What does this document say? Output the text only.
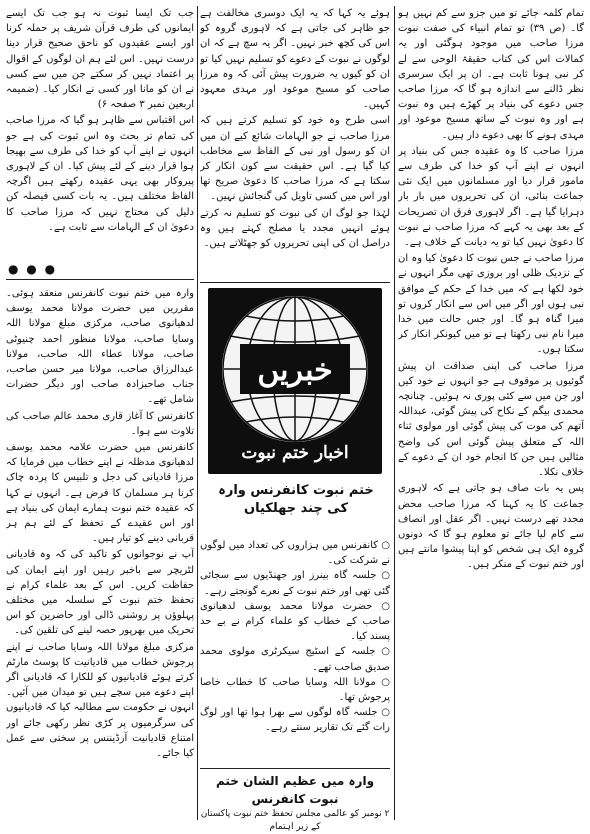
تمام کلمہ جائے تو میں جزو سے کم نہیں ہو گا۔ (ص ۳۹) تو تمام انبیاء کی صفت نبوت مرزا صاحب میں موجود ہوگئی اور یہ کمالات اس کی کتاب حقیقۃ الوحی سے لے کر نبی ہونا ثابت ہے۔ ان پر ایک سرسری نظر ڈالنے سے اندازہ ہو گا کہ مرزا صاحب جس دعوے کی بنیاد پر کھڑے ہیں وہ نبوت ہے اور وہ نبوت کے ساتھ مسیح موعود اور مہدی ہونے کا بھی دعوے دار ہیں۔

مرزا صاحب کا وہ عقیدہ جس کی بنیاد پر انہوں نے اپنے آپ کو خدا کی طرف سے مامور قرار دیا اور مسلمانوں میں ایک نئی جماعت بنائی، ان کی تحریروں میں بار بار دہرایا گیا ہے۔ اگر لاہوری فرق ان تصریحات کے بعد بھی یہ کہے کہ مرزا صاحب نے نبوت کا دعویٰ نہیں کیا تو یہ دیانت کے خلاف ہے۔

مرزا صاحب نے جس نبوت کا دعویٰ کیا وہ ان کے نزدیک ظلی اور بروزی تھی مگر انہوں نے خود لکھا ہے کہ میں خدا کے حکم کے موافق نبی ہوں اور اگر میں اس سے انکار کروں تو میرا گناہ ہو گا۔ اور جس حالت میں خدا میرا نام نبی رکھتا ہے تو میں کیونکر انکار کر سکتا ہوں۔

مرزا صاحب کی اپنی صداقت ان پیش گوئیوں پر موقوف ہے جو انہوں نے خود کیں اور جن میں سے کئی پوری نہ ہوئیں۔ چنانچہ محمدی بیگم کے نکاح کی پیش گوئی، عبداللہ آتھم کی موت کی پیش گوئی اور مولوی ثناء اللہ کے متعلق پیش گوئی اس کی واضح مثالیں ہیں جن کا انجام خود ان کے دعوے کے خلاف نکلا۔

پس یہ بات صاف ہو جاتی ہے کہ لاہوری جماعت کا یہ کہنا کہ مرزا صاحب محض مجدد تھے درست نہیں۔ اگر عقل اور انصاف سے کام لیا جائے تو معلوم ہو گا کہ دونوں گروہ ایک ہی شخص کو اپنا پیشوا مانتے ہیں اور ختم نبوت کے منکر ہیں۔

ہوئے یہ کہا کہ یہ ایک دوسری مخالفت ہے جو ظاہر کی جاتی ہے کہ لاہوری گروہ کو اس کی کچھ خبر نہیں۔ اگر یہ سچ ہے کہ ان لوگوں نے نبوت کے دعوے کو تسلیم نہیں کیا تو ان کو کیوں یہ ضرورت پیش آئی کہ وہ مرزا صاحب کو مسیح موعود اور مہدی معہود کہیں۔

اسی طرح وہ خود کو تسلیم کرتے ہیں کہ مرزا صاحب نے جو الہامات شائع کیے ان میں ان کو رسول اور نبی کے الفاظ سے مخاطب کیا گیا ہے۔ اس حقیقت سے کون انکار کر سکتا ہے کہ مرزا صاحب کا دعویٰ صریح تھا اور اس میں کسی تاویل کی گنجائش نہیں۔

لہٰذا جو لوگ ان کی نبوت کو تسلیم نہ کرتے ہوئے انہیں مجدد یا مصلح کہتے ہیں وہ دراصل ان کی اپنی تحریروں کو جھٹلاتے ہیں۔

جب تک ایسا ثبوت نہ ہو جب تک ایسے ایمانوں کی طرف قرآن شریف پر حملہ کرنا اور ایسے عقیدوں کو ناحق صحیح قرار دینا درست نہیں۔ اس لئے ہم ان لوگوں کے اقوال پر اعتماد نہیں کر سکتے جن میں سے کسی نے ان کو مانا اور کسی نے انکار کیا۔ (ضمیمہ اربعین نمبر ۳ صفحہ ۶)

اس اقتباس سے ظاہر ہو گیا کہ مرزا صاحب کی تمام تر بحث وہ اس ثبوت کی ہے جو انہوں نے اپنے آپ کو خدا کی طرف سے بھیجا ہوا قرار دینے کے لئے پیش کیا۔ ان کے لاہوری پیروکار بھی یہی عقیدہ رکھتے ہیں اگرچہ الفاظ مختلف ہیں۔ یہ بات کسی فیصلہ کن دلیل کی محتاج نہیں کہ مرزا صاحب کا دعویٰ ان کے الہامات سے ثابت ہے۔

● ● ●

وارہ میں ختم نبوت کانفرنس منعقد ہوئی۔ مقررین میں حضرت مولانا محمد یوسف لدھیانوی صاحب، مرکزی مبلغ مولانا اللہ وسایا صاحب، مولانا منظور احمد چنیوٹی صاحب، مولانا عطاء اللہ صاحب، مولانا عبدالرزاق صاحب، مولانا میر حسن صاحب، جناب صاحبزادہ صاحب اور دیگر حضرات شامل تھے۔

کانفرنس کا آغاز قاری محمد عالم صاحب کی تلاوت سے ہوا۔

کانفرنس میں حضرت علامہ محمد یوسف لدھیانوی مدظلہ نے اپنے خطاب میں فرمایا کہ مرزا قادیانی کی دجل و تلبیس کا پردہ چاک کرنا ہر مسلمان کا فرض ہے۔ انہوں نے کہا کہ عقیدہ ختم نبوت ہمارے ایمان کی بنیاد ہے اور اس عقیدے کے تحفظ کے لئے ہم ہر قربانی دینے کو تیار ہیں۔

آپ نے نوجوانوں کو تاکید کی کہ وہ قادیانی لٹریچر سے باخبر رہیں اور اپنے ایمان کی حفاظت کریں۔ اس کے بعد علماء کرام نے تحفظ ختم نبوت کے سلسلہ میں مختلف پہلوؤں پر روشنی ڈالی اور حاضرین کو اس تحریک میں بھرپور حصہ لینے کی تلقین کی۔

مرکزی مبلغ مولانا اللہ وسایا صاحب نے اپنے پرجوش خطاب میں قادیانیت کا پوسٹ مارٹم کرتے ہوئے قادیانیوں کو للکارا کہ قادیانی اگر اپنے دعوے میں سچے ہیں تو میدان میں آئیں۔ انہوں نے حکومت سے مطالبہ کیا کہ قادیانیوں کی سرگرمیوں پر کڑی نظر رکھی جائے اور امتناع قادیانیت آرڈیننس پر سختی سے عمل کیا جائے۔

خبریں
اخبار ختم نبوت
ختم نبوت کانفرنس وارہ کی چند جھلکیاں
○ کانفرنس میں ہزاروں کی تعداد میں لوگوں نے شرکت کی۔
○ جلسہ گاہ بینرز اور جھنڈیوں سے سجائی گئی تھی اور ختم نبوت کے نعرے گونجتے رہے۔
○ حضرت مولانا محمد یوسف لدھیانوی صاحب کے خطاب کو علماء کرام نے بے حد پسند کیا۔
○ جلسہ کے اسٹیج سیکرٹری مولوی محمد صدیق صاحب تھے۔
○ مولانا اللہ وسایا صاحب کا خطاب خاصا پرجوش تھا۔
○ جلسہ گاہ لوگوں سے بھرا ہوا تھا اور لوگ رات گئے تک تقاریر سنتے رہے۔
وارہ میں عظیم الشان ختم نبوت کانفرنس
۲ نومبر کو عالمی مجلس تحفظ ختم نبوت پاکستان کے زیر اہتمام
